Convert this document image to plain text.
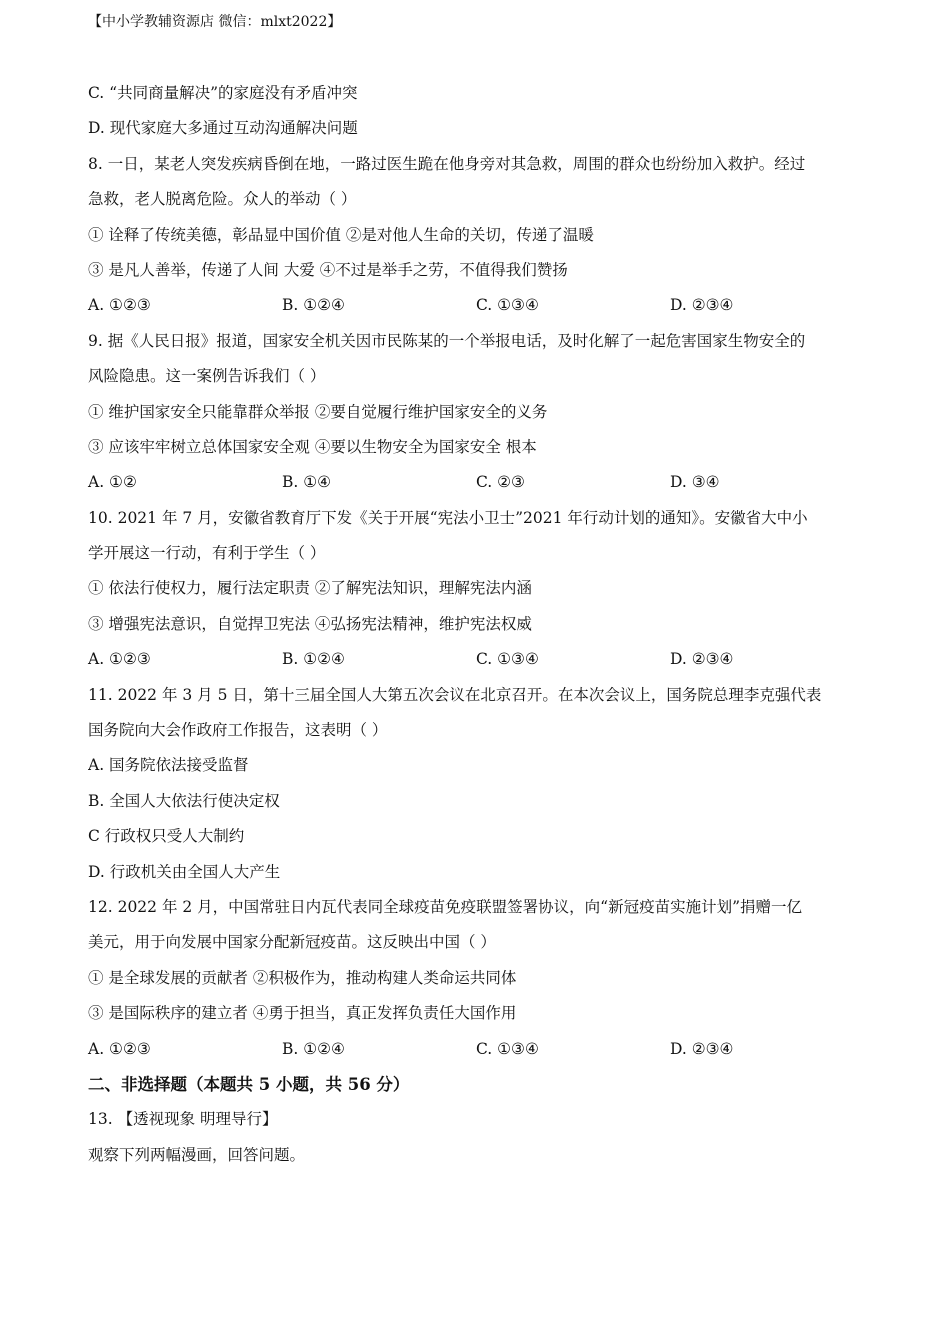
【中小学教辅资源店 微信：mlxt2022】
C. “共同商量解决”的家庭没有矛盾冲突
D. 现代家庭大多通过互动沟通解决问题
8. 一日，某老人突发疾病昏倒在地，一路过医生跪在他身旁对其急救，周围的群众也纷纷加入救护。经过
急救，老人脱离危险。众人的举动（ ）
① 诠释了传统美德，彰品显中国价值 ②是对他人生命的关切，传递了温暖
③ 是凡人善举，传递了人间 大爱 ④不过是举手之劳，不值得我们赞扬
A. ①②③	B. ①②④	C. ①③④	D. ②③④
9. 据《人民日报》报道，国家安全机关因市民陈某的一个举报电话，及时化解了一起危害国家生物安全的
风险隐患。这一案例告诉我们（ ）
① 维护国家安全只能靠群众举报 ②要自觉履行维护国家安全的义务
③ 应该牢牢树立总体国家安全观 ④要以生物安全为国家安全 根本
A. ①②	B. ①④	C. ②③	D. ③④
10. 2021 年 7 月，安徽省教育厅下发《关于开展“宪法小卫士”2021 年行动计划的通知》。安徽省大中小
学开展这一行动，有利于学生（ ）
① 依法行使权力，履行法定职责 ②了解宪法知识，理解宪法内涵
③ 增强宪法意识，自觉捍卫宪法 ④弘扬宪法精神，维护宪法权威
A. ①②③	B. ①②④	C. ①③④	D. ②③④
11. 2022 年 3 月 5 日，第十三届全国人大第五次会议在北京召开。在本次会议上，国务院总理李克强代表
国务院向大会作政府工作报告，这表明（ ）
A. 国务院依法接受监督
B. 全国人大依法行使决定权
C 行政权只受人大制约
D. 行政机关由全国人大产生
12. 2022 年 2 月，中国常驻日内瓦代表同全球疫苗免疫联盟签署协议，向“新冠疫苗实施计划”捐赠一亿
美元，用于向发展中国家分配新冠疫苗。这反映出中国（ ）
① 是全球发展的贡献者 ②积极作为，推动构建人类命运共同体
③ 是国际秩序的建立者 ④勇于担当，真正发挥负责任大国作用
A. ①②③	B. ①②④	C. ①③④	D. ②③④
二、非选择题（本题共 5 小题，共 56 分）
13. 【透视现象 明理导行】
观察下列两幅漫画，回答问题。
